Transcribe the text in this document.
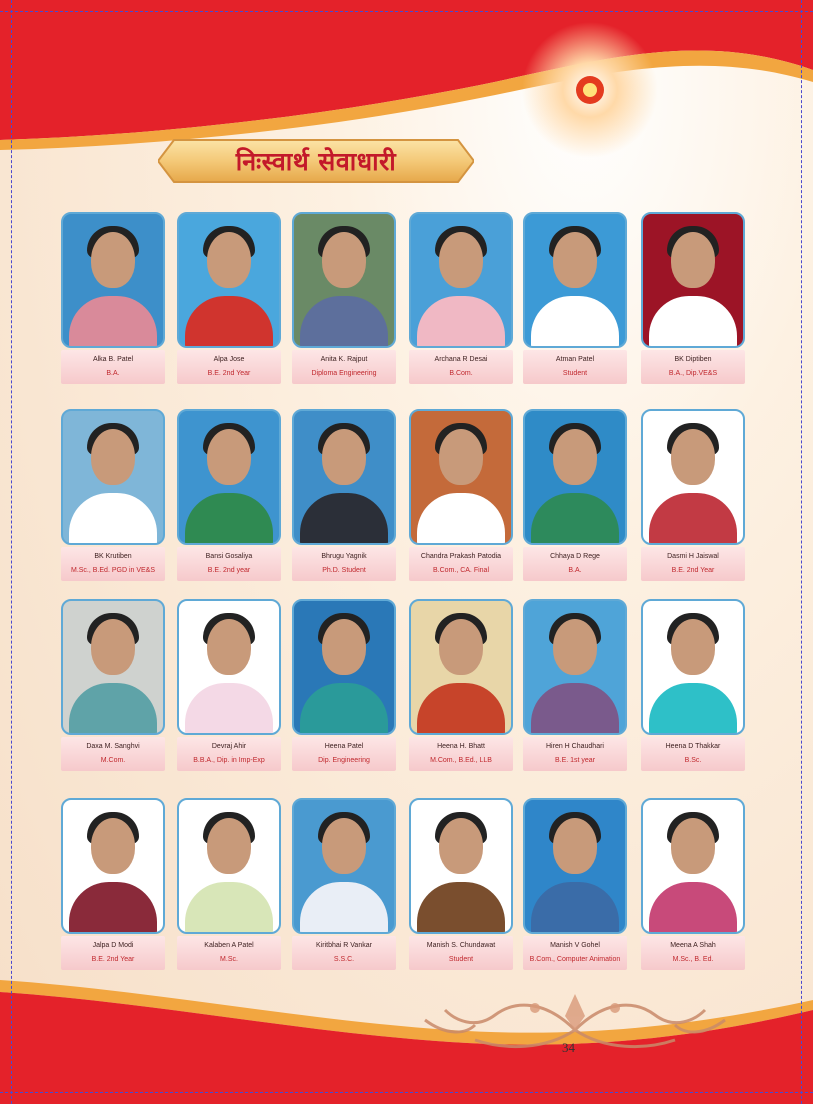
निःस्वार्थ सेवाधारी
Alka B. Patel
B.A.
Alpa Jose
B.E. 2nd Year
Anita K. Rajput
Diploma Engineering
Archana R Desai
B.Com.
Atman Patel
Student
BK Diptiben
B.A., Dip.VE&S
BK Krutiben
M.Sc., B.Ed. PGD in VE&S
Bansi Gosaliya
B.E. 2nd year
Bhrugu Yagnik
Ph.D. Student
Chandra Prakash Patodia
B.Com., CA. Final
Chhaya D Rege
B.A.
Dasmi H Jaiswal
B.E. 2nd Year
Daxa M. Sanghvi
M.Com.
Devraj Ahir
B.B.A., Dip. in Imp-Exp
Heena Patel
Dip. Engineering
Heena H. Bhatt
M.Com., B.Ed., LLB
Hiren H Chaudhari
B.E. 1st year
Heena D Thakkar
B.Sc.
Jalpa D Modi
B.E. 2nd Year
Kalaben A Patel
M.Sc.
Kiritbhai R Vankar
S.S.C.
Manish S. Chundawat
Student
Manish V Gohel
B.Com., Computer Animation
Meena A Shah
M.Sc., B. Ed.
34
